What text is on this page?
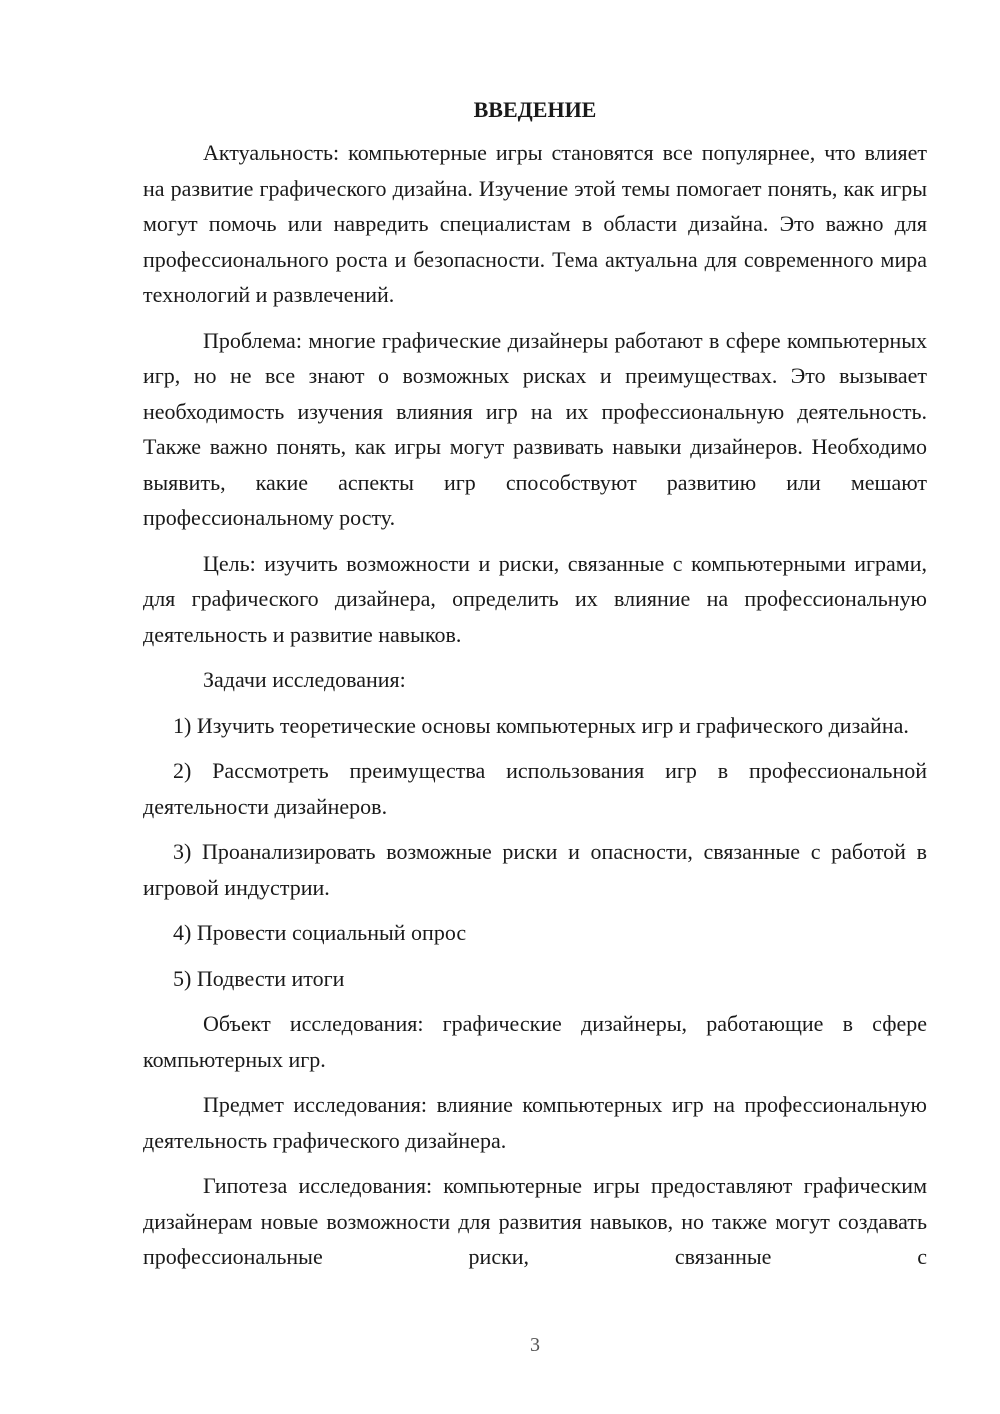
ВВЕДЕНИЕ

Актуальность: компьютерные игры становятся все популярнее, что влияет на развитие графического дизайна. Изучение этой темы помогает понять, как игры могут помочь или навредить специалистам в области дизайна. Это важно для профессионального роста и безопасности. Тема актуальна для современного мира технологий и развлечений.

Проблема: многие графические дизайнеры работают в сфере компьютерных игр, но не все знают о возможных рисках и преимуществах. Это вызывает необходимость изучения влияния игр на их профессиональную деятельность. Также важно понять, как игры могут развивать навыки дизайнеров. Необходимо выявить, какие аспекты игр способствуют развитию или мешают профессиональному росту.

Цель: изучить возможности и риски, связанные с компьютерными играми, для графического дизайнера, определить их влияние на профессиональную деятельность и развитие навыков.

Задачи исследования:

1) Изучить теоретические основы компьютерных игр и графического дизайна.

2) Рассмотреть преимущества использования игр в профессиональной деятельности дизайнеров.

3) Проанализировать возможные риски и опасности, связанные с работой в игровой индустрии.

4) Провести социальный опрос

5) Подвести итоги

Объект исследования: графические дизайнеры, работающие в сфере компьютерных игр.

Предмет исследования: влияние компьютерных игр на профессиональную деятельность графического дизайнера.

Гипотеза исследования: компьютерные игры предоставляют графическим дизайнерам новые возможности для развития навыков, но также могут создавать профессиональные риски, связанные с

3
